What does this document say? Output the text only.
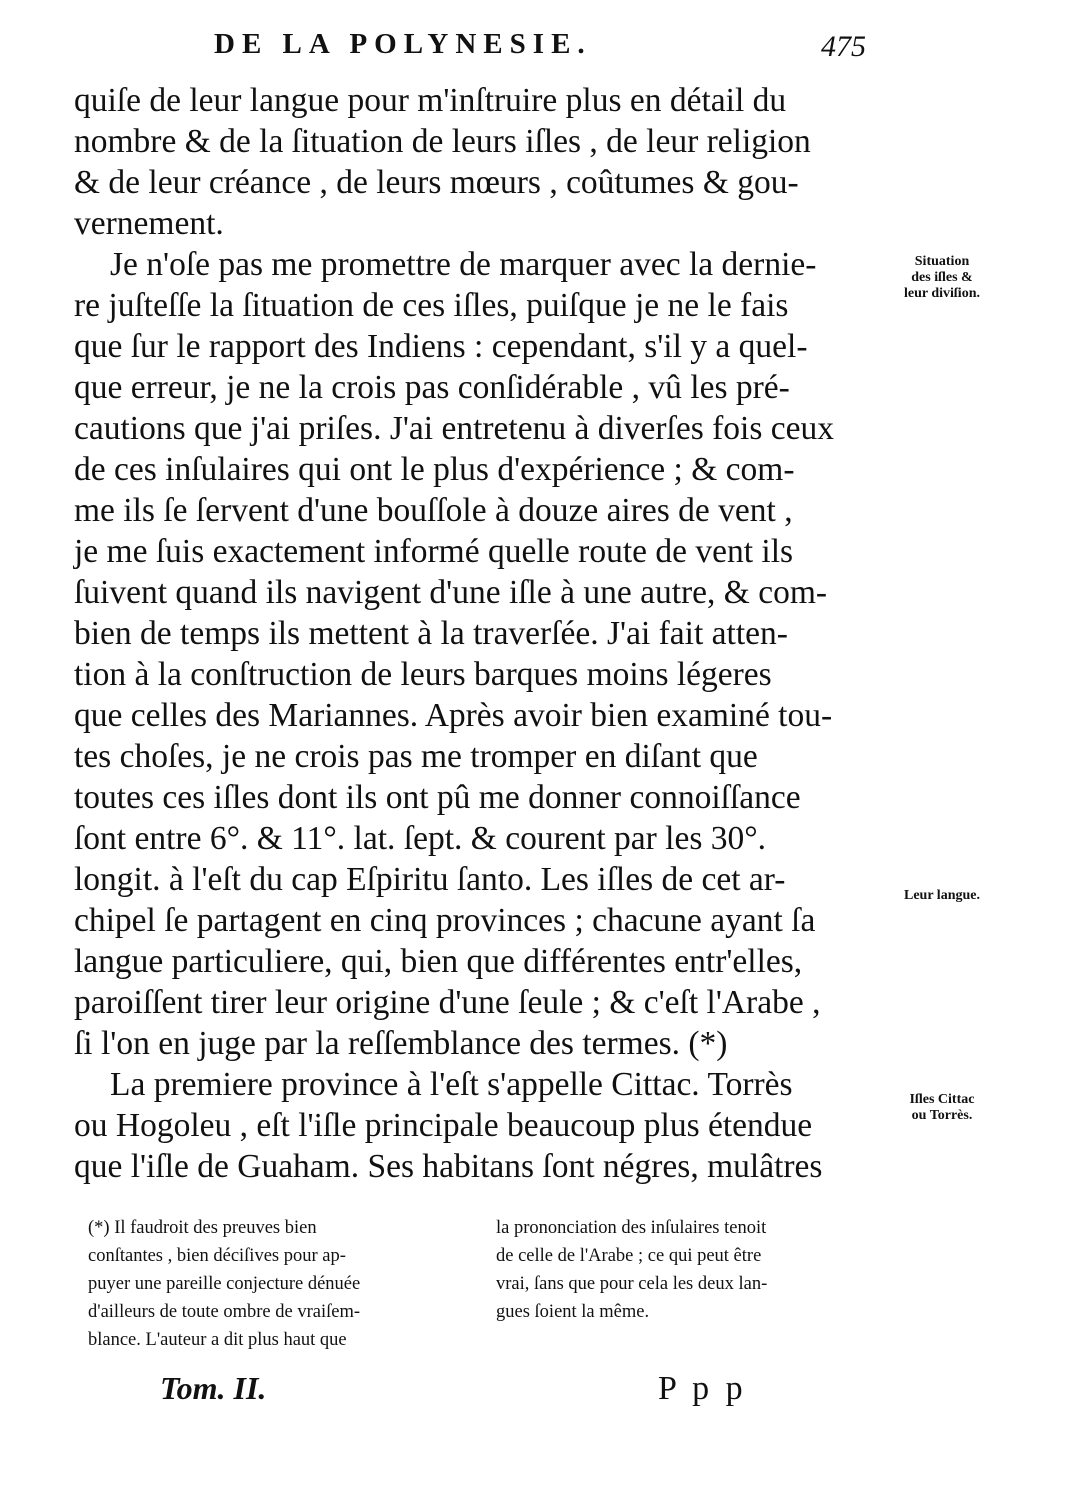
DE LA POLYNESIE.	475
quiſe de leur langue pour m'inſtruire plus en détail du
nombre & de la ſituation de leurs iſles , de leur religion
& de leur créance , de leurs mœurs , coûtumes & gou-
vernement.
Je n'oſe pas me promettre de marquer avec la dernie-
re juſteſſe la ſituation de ces iſles, puiſque je ne le fais
que ſur le rapport des Indiens : cependant, s'il y a quel-
que erreur, je ne la crois pas conſidérable , vû les pré-
cautions que j'ai priſes. J'ai entretenu à diverſes fois ceux
de ces inſulaires qui ont le plus d'expérience ; & com-
me ils ſe ſervent d'une bouſſole à douze aires de vent ,
je me ſuis exactement informé quelle route de vent ils
ſuivent quand ils navigent d'une iſle à une autre, & com-
bien de temps ils mettent à la traverſée. J'ai fait atten-
tion à la conſtruction de leurs barques moins légeres
que celles des Mariannes. Après avoir bien examiné tou-
tes choſes, je ne crois pas me tromper en diſant que
toutes ces iſles dont ils ont pû me donner connoiſſance
ſont entre 6°. & 11°. lat. ſept. & courent par les 30°.
longit. à l'eſt du cap Eſpiritu ſanto. Les iſles de cet ar-
chipel ſe partagent en cinq provinces ; chacune ayant ſa
langue particuliere, qui, bien que différentes entr'elles,
paroiſſent tirer leur origine d'une ſeule ; & c'eſt l'Arabe ,
ſi l'on en juge par la reſſemblance des termes. (*)
La premiere province à l'eſt s'appelle Cittac. Torrès
ou Hogoleu , eſt l'iſle principale beaucoup plus étendue
que l'iſle de Guaham. Ses habitans ſont négres, mulâtres
Situation
des iſles &
leur diviſion.
Leur langue.
Iſles Cittac
ou Torrès.
(*) Il faudroit des preuves bien
conſtantes , bien déciſives pour ap-
puyer une pareille conjecture dénuée
d'ailleurs de toute ombre de vraiſem-
blance. L'auteur a dit plus haut que
la prononciation des inſulaires tenoit
de celle de l'Arabe ; ce qui peut être
vrai, ſans que pour cela les deux lan-
gues ſoient la même.
Tom. II.	P p p
